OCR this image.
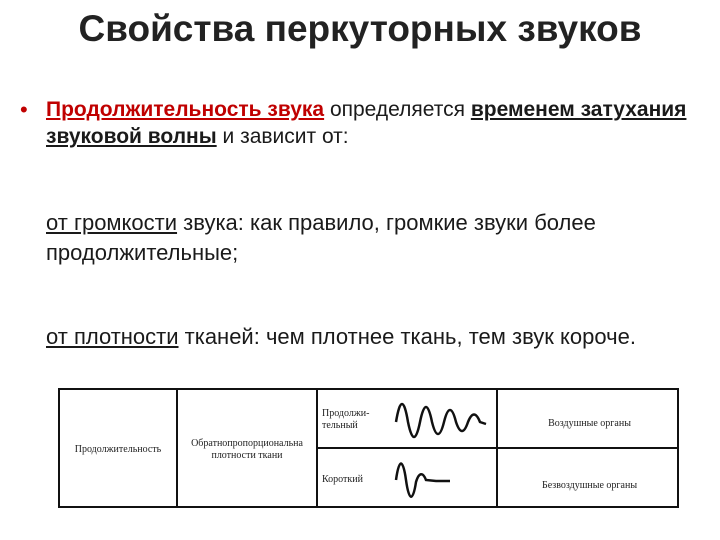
Свойства перкуторных звуков
• Продолжительность звука определяется временем затухания звуковой волны и зависит от:
от громкости звука: как правило, громкие звуки более продолжительные;
от плотности тканей: чем плотнее ткань, тем звук короче.
Продолжительность
Обратнопропорциональна плотности ткани
Продолжи-
тельный	Воздушные органы
Короткий
Безвоздушные органы
